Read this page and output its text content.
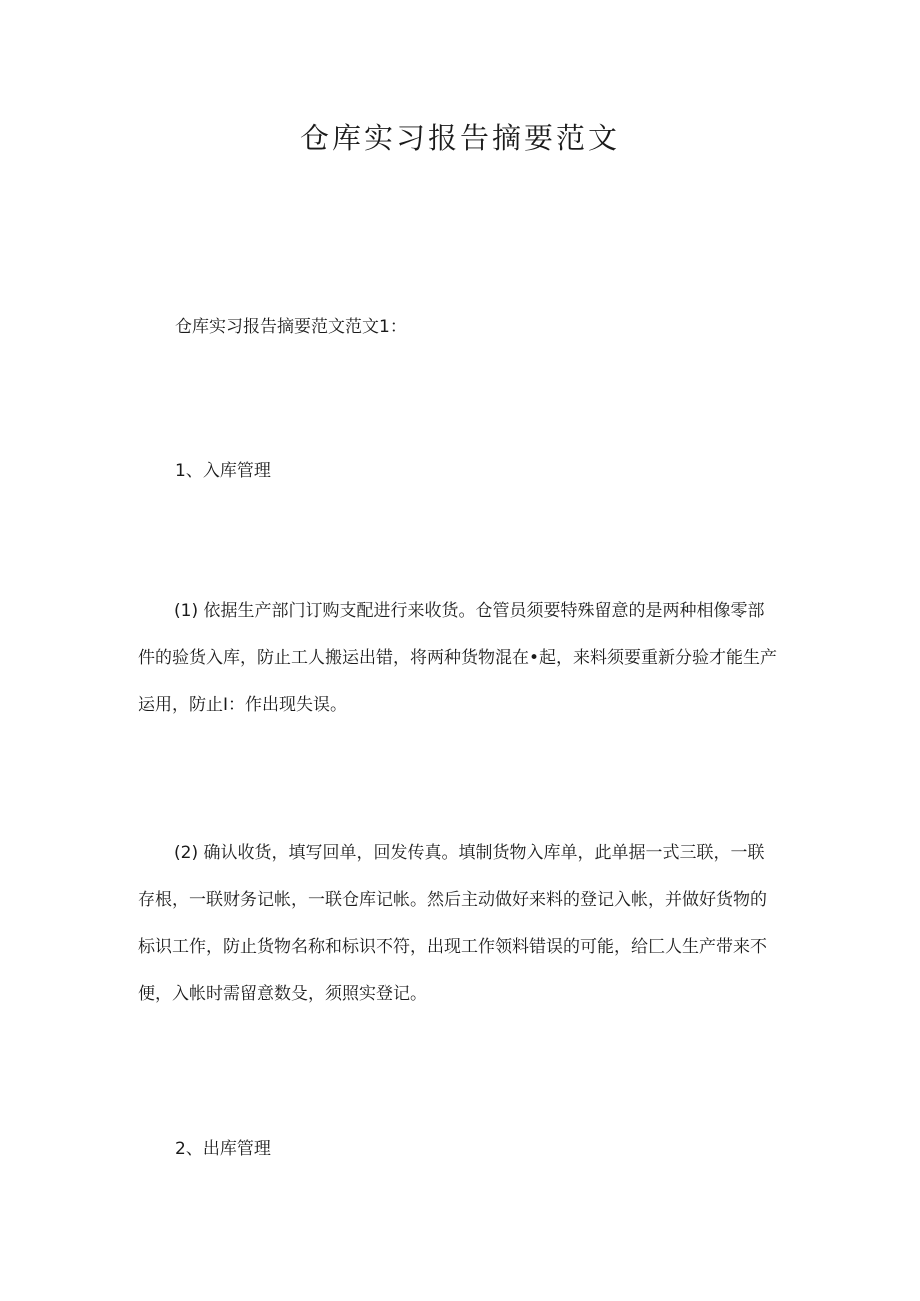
仓库实习报告摘要范文

仓库实习报告摘要范文范文1：

1、入库管理

(1) 依据生产部门订购支配进行来收货。仓管员须要特殊留意的是两种相像零部件的验货入库，防止工人搬运出错，将两种货物混在•起，来料须要重新分验才能生产运用，防止I：作出现失误。

(2) 确认收货，填写回单，回发传真。填制货物入库单，此单据一式三联，一联存根，一联财务记帐，一联仓库记帐。然后主动做好来料的登记入帐，并做好货物的标识工作，防止货物名称和标识不符，出现工作领料错误的可能，给匚人生产带来不便，入帐时需留意数殳，须照实登记。

2、出库管理
